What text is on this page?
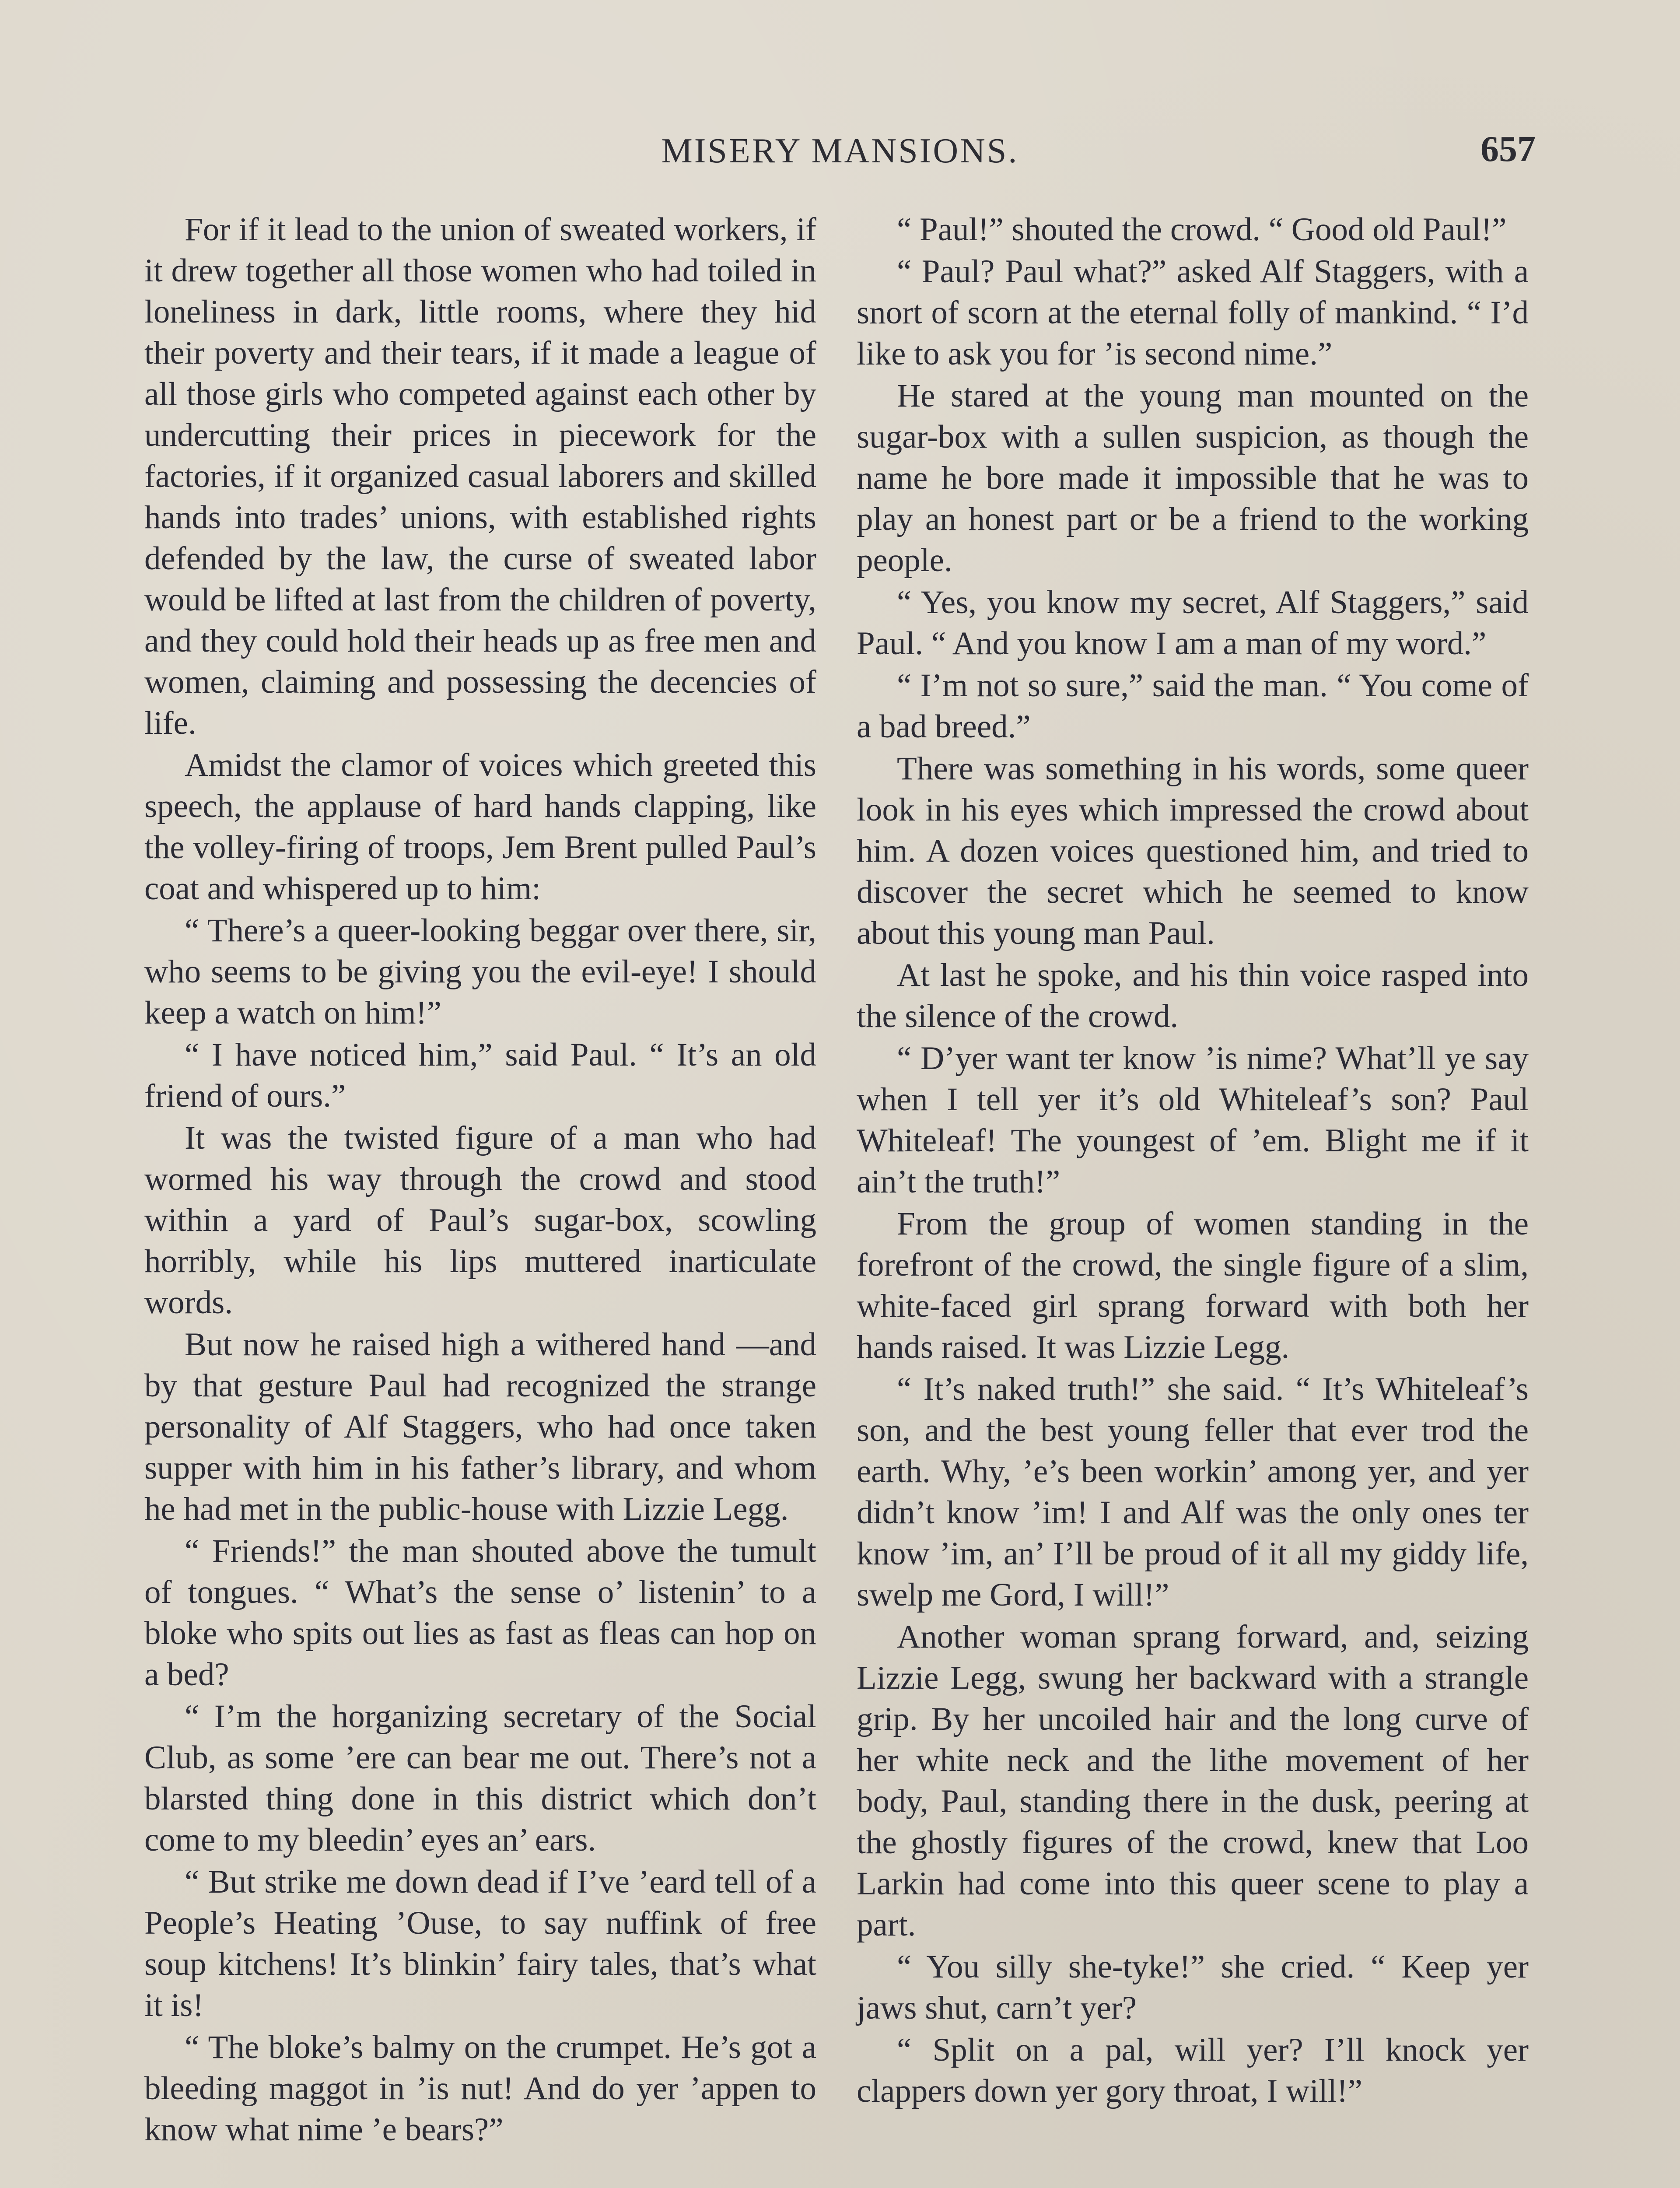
MISERY MANSIONS.	657

For if it lead to the union of sweated workers, if it drew together all those women who had toiled in loneliness in dark, little rooms, where they hid their poverty and their tears, if it made a league of all those girls who competed against each other by undercutting their prices in piecework for the factories, if it organized casual laborers and skilled hands into trades’ unions, with established rights defended by the law, the curse of sweated labor would be lifted at last from the children of poverty, and they could hold their heads up as free men and women, claiming and possessing the decencies of life.

Amidst the clamor of voices which greeted this speech, the applause of hard hands clapping, like the volley-firing of troops, Jem Brent pulled Paul’s coat and whispered up to him:

“ There’s a queer-looking beggar over there, sir, who seems to be giving you the evil-eye! I should keep a watch on him!”

“ I have noticed him,” said Paul. “ It’s an old friend of ours.”

It was the twisted figure of a man who had wormed his way through the crowd and stood within a yard of Paul’s sugar-box, scowling horribly, while his lips muttered inarticulate words.

But now he raised high a withered hand —and by that gesture Paul had recognized the strange personality of Alf Staggers, who had once taken supper with him in his father’s library, and whom he had met in the public-house with Lizzie Legg.

“ Friends!” the man shouted above the tumult of tongues. “ What’s the sense o’ listenin’ to a bloke who spits out lies as fast as fleas can hop on a bed?

“ I’m the horganizing secretary of the Social Club, as some ’ere can bear me out. There’s not a blarsted thing done in this district which don’t come to my bleedin’ eyes an’ ears.

“ But strike me down dead if I’ve ’eard tell of a People’s Heating ’Ouse, to say nuffink of free soup kitchens! It’s blinkin’ fairy tales, that’s what it is!

“ The bloke’s balmy on the crumpet. He’s got a bleeding maggot in ’is nut! And do yer ’appen to know what nime ’e bears?”

“ Paul!” shouted the crowd. “ Good old Paul!”

“ Paul? Paul what?” asked Alf Staggers, with a snort of scorn at the eternal folly of mankind. “ I’d like to ask you for ’is second nime.”

He stared at the young man mounted on the sugar-box with a sullen suspicion, as though the name he bore made it impossible that he was to play an honest part or be a friend to the working people.

“ Yes, you know my secret, Alf Staggers,” said Paul. “ And you know I am a man of my word.”

“ I’m not so sure,” said the man. “ You come of a bad breed.”

There was something in his words, some queer look in his eyes which impressed the crowd about him. A dozen voices questioned him, and tried to discover the secret which he seemed to know about this young man Paul.

At last he spoke, and his thin voice rasped into the silence of the crowd.

“ D’yer want ter know ’is nime? What’ll ye say when I tell yer it’s old Whiteleaf’s son? Paul Whiteleaf! The youngest of ’em. Blight me if it ain’t the truth!”

From the group of women standing in the forefront of the crowd, the single figure of a slim, white-faced girl sprang forward with both her hands raised. It was Lizzie Legg.

“ It’s naked truth!” she said. “ It’s Whiteleaf’s son, and the best young feller that ever trod the earth. Why, ’e’s been workin’ among yer, and yer didn’t know ’im! I and Alf was the only ones ter know ’im, an’ I’ll be proud of it all my giddy life, swelp me Gord, I will!”

Another woman sprang forward, and, seizing Lizzie Legg, swung her backward with a strangle grip. By her uncoiled hair and the long curve of her white neck and the lithe movement of her body, Paul, standing there in the dusk, peering at the ghostly figures of the crowd, knew that Loo Larkin had come into this queer scene to play a part.

“ You silly she-tyke!” she cried. “ Keep yer jaws shut, carn’t yer?

“ Split on a pal, will yer? I’ll knock yer clappers down yer gory throat, I will!”
